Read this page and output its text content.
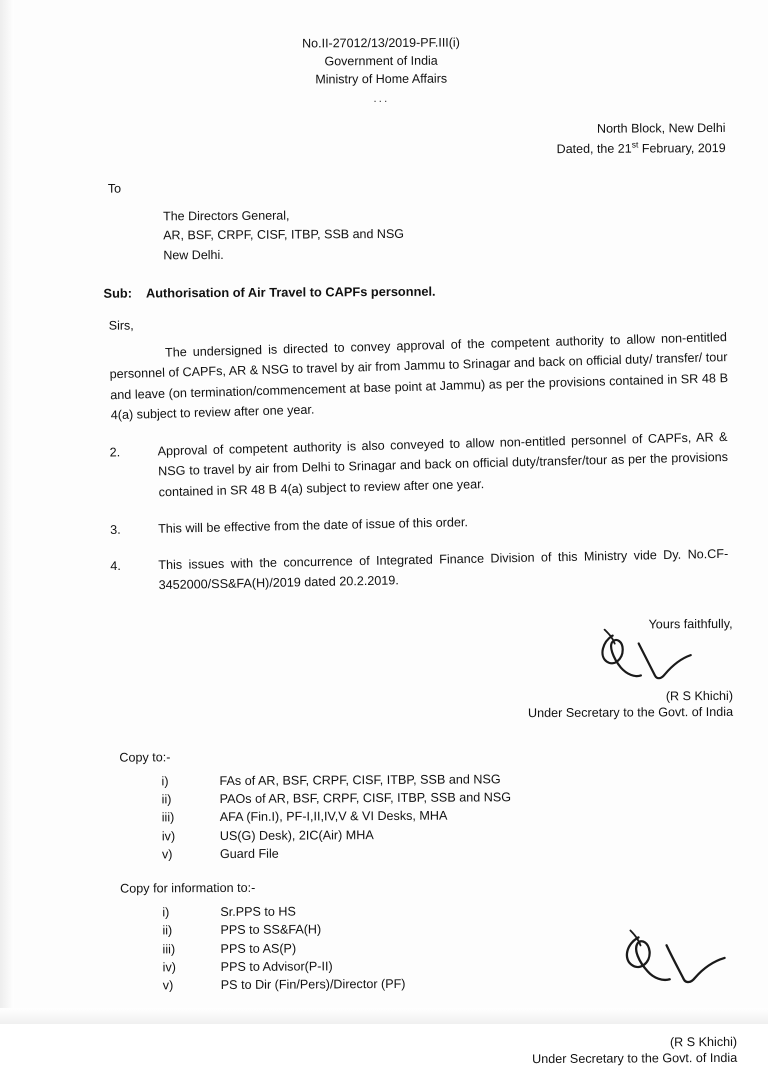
No.II-27012/13/2019-PF.III(i)
Government of India
Ministry of Home Affairs
...
North Block, New Delhi
Dated, the 21st February, 2019
To
The Directors General,
AR, BSF, CRPF, CISF, ITBP, SSB and NSG
New Delhi.
Sub: Authorisation of Air Travel to CAPFs personnel.
Sirs,
The undersigned is directed to convey approval of the competent authority to allow non-entitled personnel of CAPFs, AR & NSG to travel by air from Jammu to Srinagar and back on official duty/ transfer/ tour and leave (on termination/commencement at base point at Jammu) as per the provisions contained in SR 48 B 4(a) subject to review after one year.
2.	Approval of competent authority is also conveyed to allow non-entitled personnel of CAPFs, AR & NSG to travel by air from Delhi to Srinagar and back on official duty/transfer/tour as per the provisions contained in SR 48 B 4(a) subject to review after one year.
3.	This will be effective from the date of issue of this order.
4.	This issues with the concurrence of Integrated Finance Division of this Ministry vide Dy. No.CF-3452000/SS&FA(H)/2019 dated 20.2.2019.
Yours faithfully,
(R S Khichi)
Under Secretary to the Govt. of India
Copy to:-
i)	FAs of AR, BSF, CRPF, CISF, ITBP, SSB and NSG
ii)	PAOs of AR, BSF, CRPF, CISF, ITBP, SSB and NSG
iii)	AFA (Fin.I), PF-I,II,IV,V & VI Desks, MHA
iv)	US(G) Desk), 2IC(Air) MHA
v)	Guard File
Copy for information to:-
i)	Sr.PPS to HS
ii)	PPS to SS&FA(H)
iii)	PPS to AS(P)
iv)	PPS to Advisor(P-II)
v)	PS to Dir (Fin/Pers)/Director (PF)
(R S Khichi)
Under Secretary to the Govt. of India
